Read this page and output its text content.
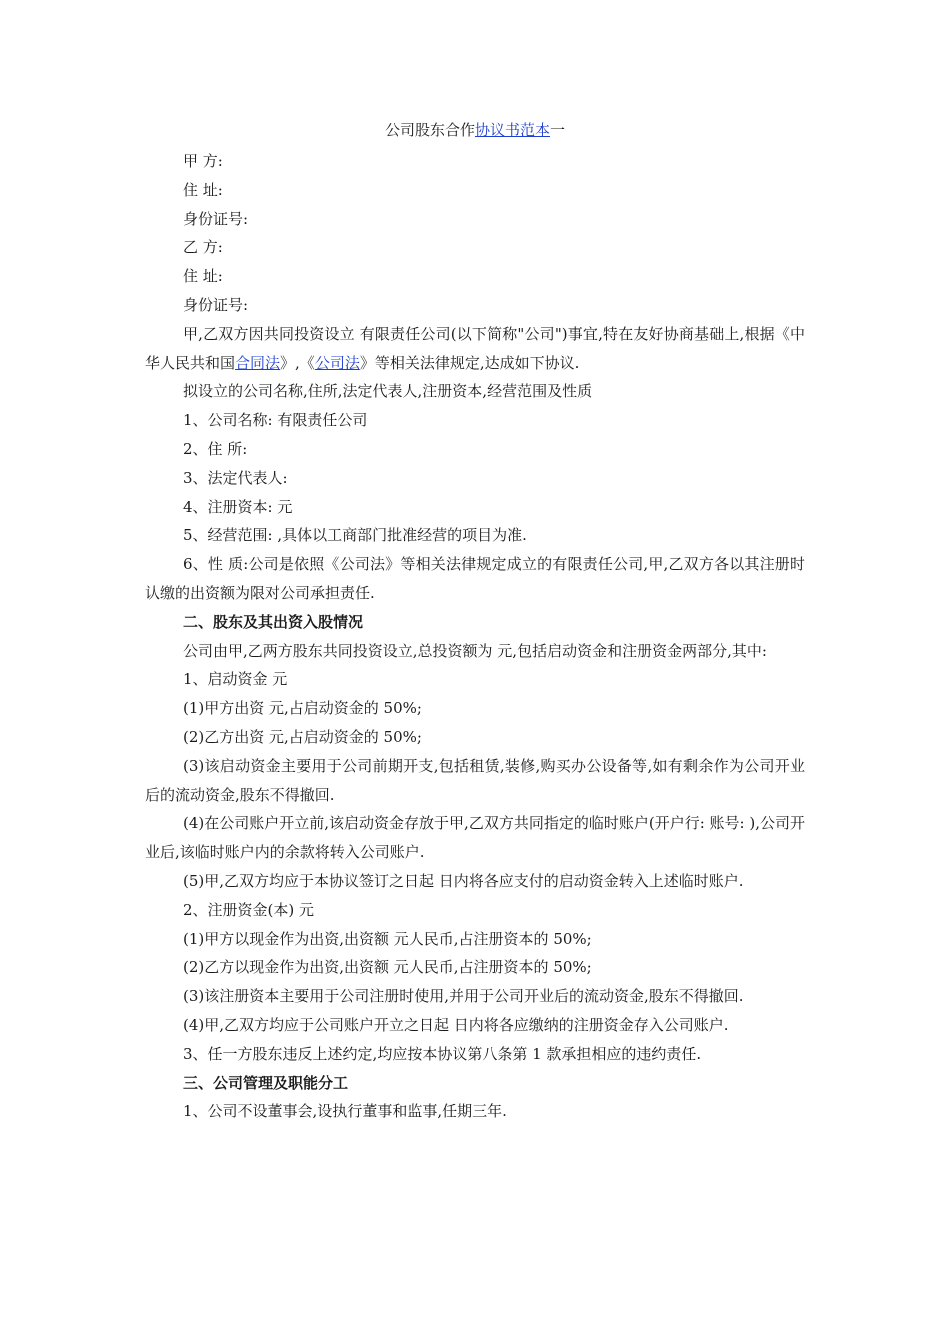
公司股东合作协议书范本一

甲 方:

住 址:

身份证号:

乙 方:

住 址:

身份证号:

甲,乙双方因共同投资设立 有限责任公司(以下简称"公司")事宜,特在友好协商基础上,根据《中华人民共和国合同法》,《公司法》等相关法律规定,达成如下协议.

拟设立的公司名称,住所,法定代表人,注册资本,经营范围及性质

1、公司名称: 有限责任公司

2、住 所:

3、法定代表人:

4、注册资本: 元

5、经营范围: ,具体以工商部门批准经营的项目为准.

6、性 质:公司是依照《公司法》等相关法律规定成立的有限责任公司,甲,乙双方各以其注册时认缴的出资额为限对公司承担责任.

二、股东及其出资入股情况

公司由甲,乙两方股东共同投资设立,总投资额为 元,包括启动资金和注册资金两部分,其中:

1、启动资金 元

(1)甲方出资 元,占启动资金的 50%;

(2)乙方出资 元,占启动资金的 50%;

(3)该启动资金主要用于公司前期开支,包括租赁,装修,购买办公设备等,如有剩余作为公司开业后的流动资金,股东不得撤回.

(4)在公司账户开立前,该启动资金存放于甲,乙双方共同指定的临时账户(开户行: 账号: ),公司开业后,该临时账户内的余款将转入公司账户.

(5)甲,乙双方均应于本协议签订之日起 日内将各应支付的启动资金转入上述临时账户.

2、注册资金(本) 元

(1)甲方以现金作为出资,出资额 元人民币,占注册资本的 50%;

(2)乙方以现金作为出资,出资额 元人民币,占注册资本的 50%;

(3)该注册资本主要用于公司注册时使用,并用于公司开业后的流动资金,股东不得撤回.

(4)甲,乙双方均应于公司账户开立之日起 日内将各应缴纳的注册资金存入公司账户.

3、任一方股东违反上述约定,均应按本协议第八条第 1 款承担相应的违约责任.

三、公司管理及职能分工

1、公司不设董事会,设执行董事和监事,任期三年.
